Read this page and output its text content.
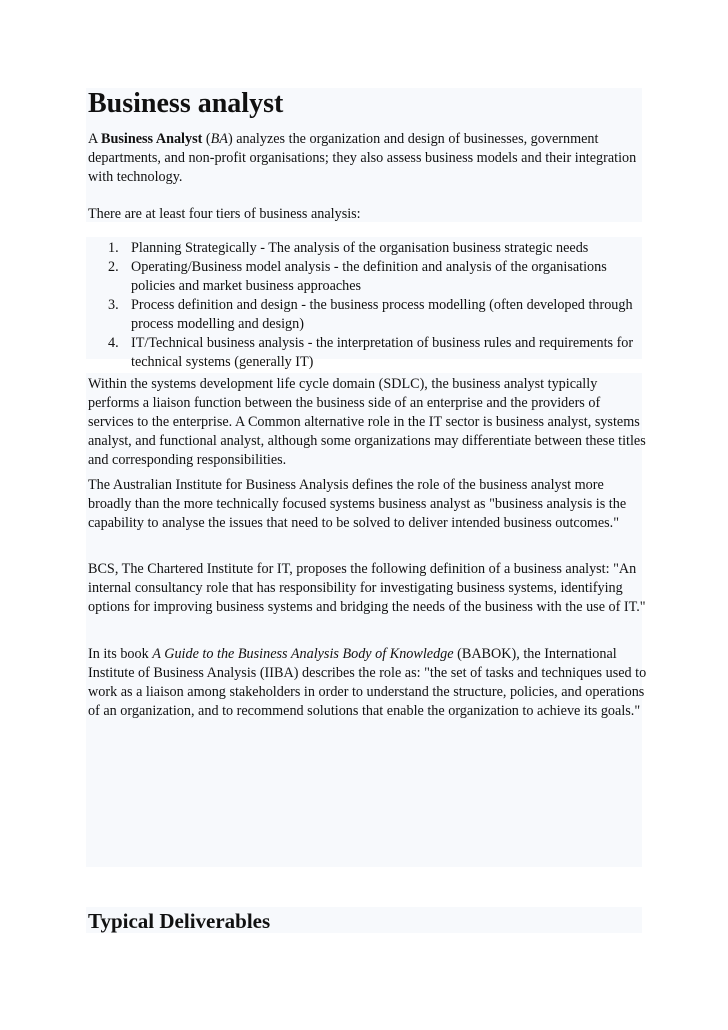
Business analyst

A Business Analyst (BA) analyzes the organization and design of businesses, government departments, and non-profit organisations; they also assess business models and their integration with technology.

There are at least four tiers of business analysis:

1. Planning Strategically - The analysis of the organisation business strategic needs
2. Operating/Business model analysis - the definition and analysis of the organisations policies and market business approaches
3. Process definition and design - the business process modelling (often developed through process modelling and design)
4. IT/Technical business analysis - the interpretation of business rules and requirements for technical systems (generally IT)

Within the systems development life cycle domain (SDLC), the business analyst typically performs a liaison function between the business side of an enterprise and the providers of services to the enterprise. A Common alternative role in the IT sector is business analyst, systems analyst, and functional analyst, although some organizations may differentiate between these titles and corresponding responsibilities.

The Australian Institute for Business Analysis defines the role of the business analyst more broadly than the more technically focused systems business analyst as "business analysis is the capability to analyse the issues that need to be solved to deliver intended business outcomes."

BCS, The Chartered Institute for IT, proposes the following definition of a business analyst: "An internal consultancy role that has responsibility for investigating business systems, identifying options for improving business systems and bridging the needs of the business with the use of IT."

In its book A Guide to the Business Analysis Body of Knowledge (BABOK), the International Institute of Business Analysis (IIBA) describes the role as: "the set of tasks and techniques used to work as a liaison among stakeholders in order to understand the structure, policies, and operations of an organization, and to recommend solutions that enable the organization to achieve its goals."

Typical Deliverables
